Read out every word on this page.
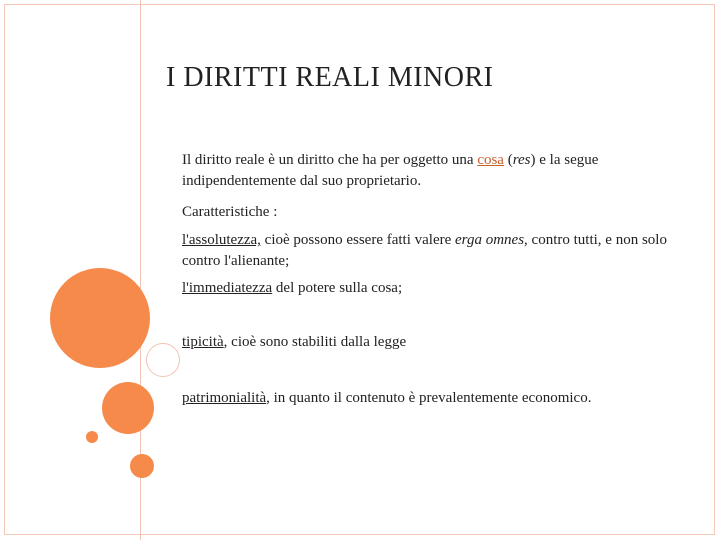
I DIRITTI REALI MINORI

Il diritto reale è un diritto che ha per oggetto una cosa (res) e la segue indipendentemente dal suo proprietario.

Caratteristiche :

l'assolutezza, cioè possono essere fatti valere erga omnes, contro tutti, e non solo contro l'alienante;

l'immediatezza del potere sulla cosa;

tipicità, cioè sono stabiliti dalla legge

patrimonialità, in quanto il contenuto è prevalentemente economico.
